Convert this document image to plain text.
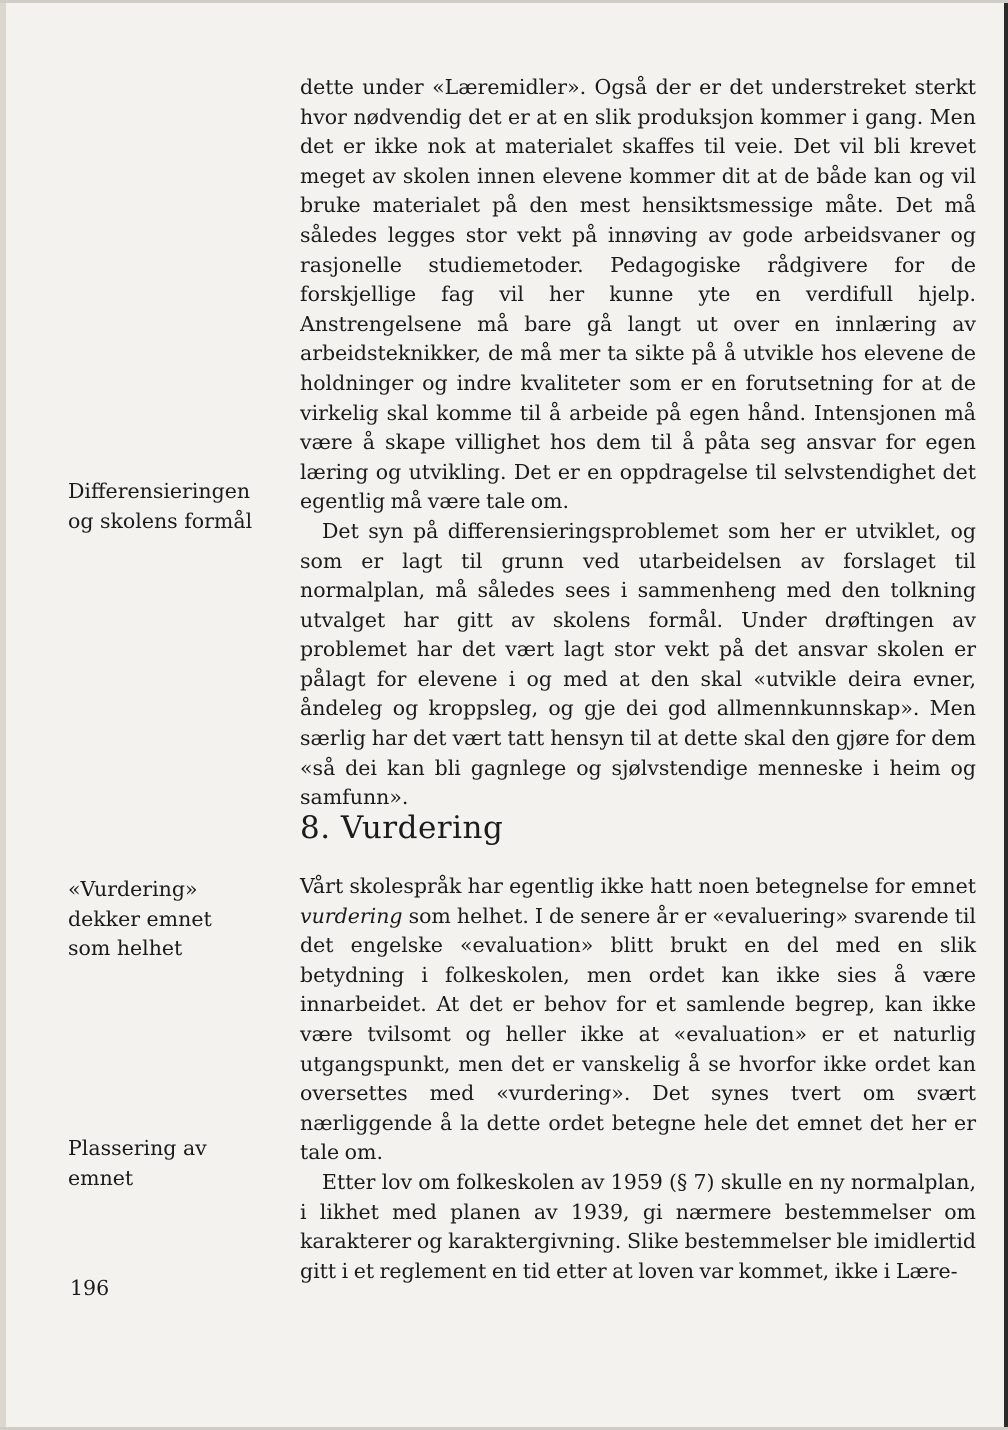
dette under «Læremidler». Også der er det understreket sterkt hvor nødvendig det er at en slik produksjon kommer i gang. Men det er ikke nok at materialet skaffes til veie. Det vil bli krevet meget av skolen innen elevene kommer dit at de både kan og vil bruke materialet på den mest hensiktsmessige måte. Det må således legges stor vekt på innøving av gode arbeidsvaner og rasjonelle studiemetoder. Pedagogiske rådgivere for de forskjellige fag vil her kunne yte en verdifull hjelp. Anstrengelsene må bare gå langt ut over en innlæring av arbeidsteknikker, de må mer ta sikte på å utvikle hos elevene de holdninger og indre kvaliteter som er en forutsetning for at de virkelig skal komme til å arbeide på egen hånd. Intensjonen må være å skape villighet hos dem til å påta seg ansvar for egen læring og utvikling. Det er en oppdragelse til selvstendighet det egentlig må være tale om.

Det syn på differensieringsproblemet som her er utviklet, og som er lagt til grunn ved utarbeidelsen av forslaget til normalplan, må således sees i sammenheng med den tolkning utvalget har gitt av skolens formål. Under drøftingen av problemet har det vært lagt stor vekt på det ansvar skolen er pålagt for elevene i og med at den skal «utvikle deira evner, åndeleg og kroppsleg, og gje dei god allmennkunnskap». Men særlig har det vært tatt hensyn til at dette skal den gjøre for dem «så dei kan bli gagnlege og sjølvstendige menneske i heim og samfunn».

Differensieringen
og skolens formål

8. Vurdering

«Vurdering»
dekker emnet
som helhet

Vårt skolespråk har egentlig ikke hatt noen betegnelse for emnet vurdering som helhet. I de senere år er «evaluering» svarende til det engelske «evaluation» blitt brukt en del med en slik betydning i folkeskolen, men ordet kan ikke sies å være innarbeidet. At det er behov for et samlende begrep, kan ikke være tvilsomt og heller ikke at «evaluation» er et naturlig utgangspunkt, men det er vanskelig å se hvorfor ikke ordet kan oversettes med «vurdering». Det synes tvert om svært nærliggende å la dette ordet betegne hele det emnet det her er tale om.

Etter lov om folkeskolen av 1959 (§ 7) skulle en ny normalplan, i likhet med planen av 1939, gi nærmere bestemmelser om karakterer og karaktergivning. Slike bestemmelser ble imidlertid gitt i et reglement en tid etter at loven var kommet, ikke i Lære-

Plassering av
emnet

196
